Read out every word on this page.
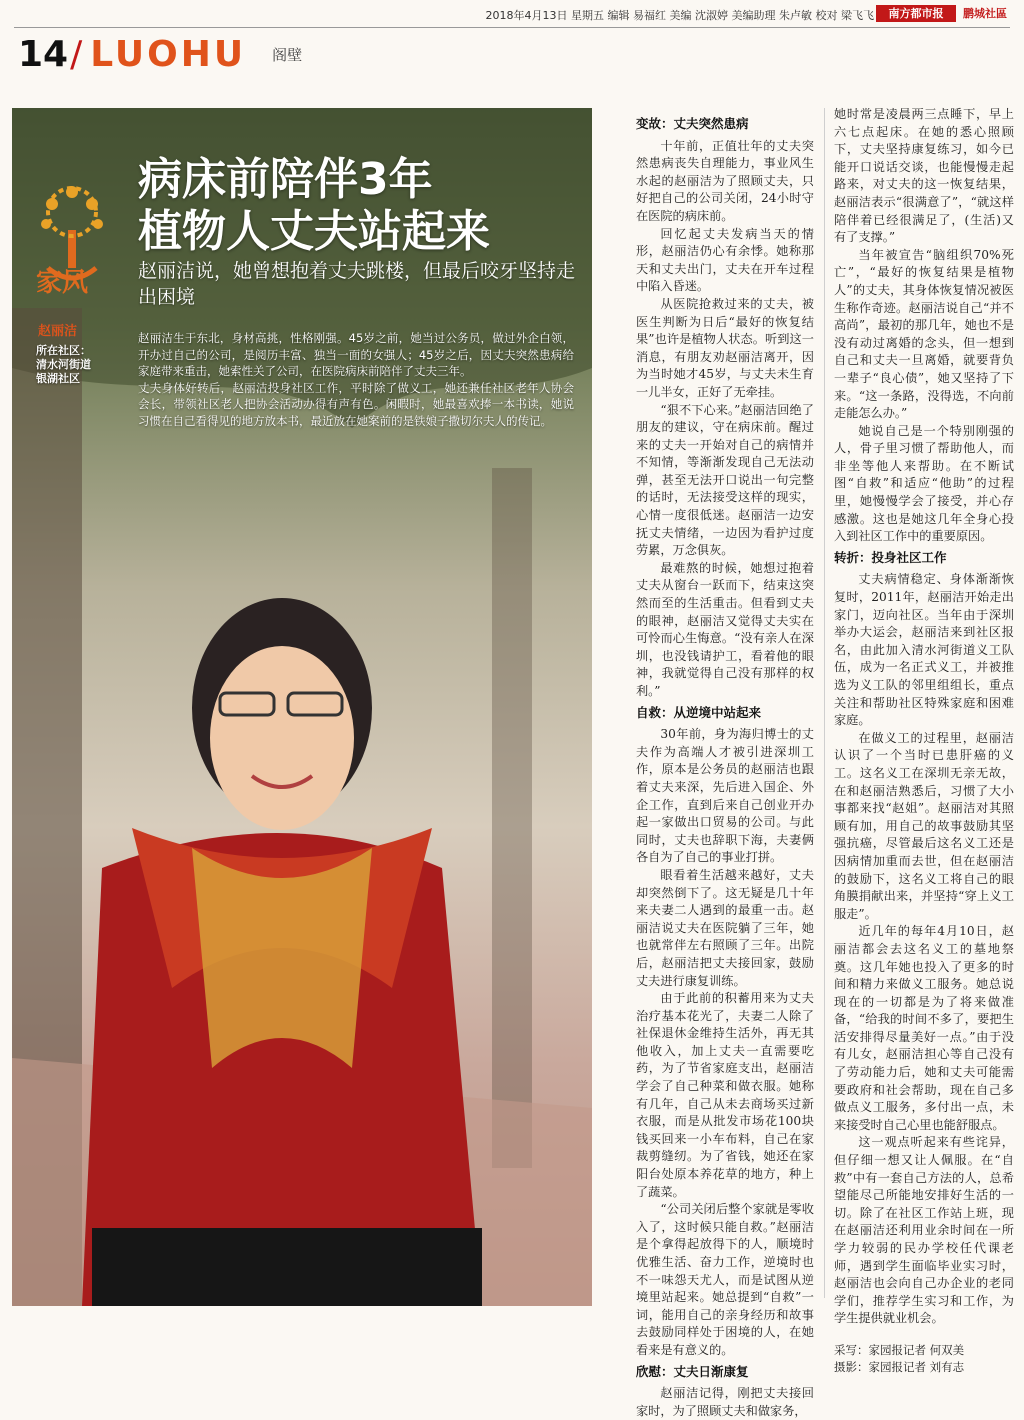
2018年4月13日 星期五 编辑 易福红 美编 沈淑婷 美编助理 朱卢敏 校对 梁飞飞	南方都市报	鹏城社區
14 / LUOHU 阁壁
家风
病床前陪伴3年
植物人丈夫站起来
赵丽洁说，她曾想抱着丈夫跳楼，但最后咬牙坚持走出困境
赵丽洁
所在社区：
清水河街道
银湖社区

赵丽洁生于东北，身材高挑，性格刚强。45岁之前，她当过公务员，做过外企白领，开办过自己的公司，是阅历丰富、独当一面的女强人；45岁之后，因丈夫突然患病给家庭带来重击，她索性关了公司，在医院病床前陪伴了丈夫三年。

丈夫身体好转后，赵丽洁投身社区工作，平时除了做义工，她还兼任社区老年人协会会长，带领社区老人把协会活动办得有声有色。闲暇时，她最喜欢捧一本书读，她说习惯在自己看得见的地方放本书，最近放在她案前的是铁娘子撒切尔夫人的传记。

变故：丈夫突然患病

十年前，正值壮年的丈夫突然患病丧失自理能力，事业风生水起的赵丽洁为了照顾丈夫，只好把自己的公司关闭，24小时守在医院的病床前。

回忆起丈夫发病当天的情形，赵丽洁仍心有余悸。她称那天和丈夫出门，丈夫在开车过程中陷入昏迷。

从医院抢救过来的丈夫，被医生判断为日后“最好的恢复结果”也许是植物人状态。听到这一消息，有朋友劝赵丽洁离开，因为当时她才45岁，与丈夫未生育一儿半女，正好了无牵挂。

“狠不下心来。”赵丽洁回绝了朋友的建议，守在病床前。醒过来的丈夫一开始对自己的病情并不知情，等渐渐发现自己无法动弹，甚至无法开口说出一句完整的话时，无法接受这样的现实，心情一度很低迷。赵丽洁一边安抚丈夫情绪，一边因为看护过度劳累，万念俱灰。

最难熬的时候，她想过抱着丈夫从窗台一跃而下，结束这突然而至的生活重击。但看到丈夫的眼神，赵丽洁又觉得丈夫实在可怜而心生悔意。“没有亲人在深圳，也没钱请护工，看着他的眼神，我就觉得自己没有那样的权利。”

自救：从逆境中站起来

30年前，身为海归博士的丈夫作为高端人才被引进深圳工作，原本是公务员的赵丽洁也跟着丈夫来深，先后进入国企、外企工作，直到后来自己创业开办起一家做出口贸易的公司。与此同时，丈夫也辞职下海，夫妻俩各自为了自己的事业打拼。

眼看着生活越来越好，丈夫却突然倒下了。这无疑是几十年来夫妻二人遇到的最重一击。赵丽洁说丈夫在医院躺了三年，她也就常伴左右照顾了三年。出院后，赵丽洁把丈夫接回家，鼓励丈夫进行康复训练。

由于此前的积蓄用来为丈夫治疗基本花光了，夫妻二人除了社保退休金维持生活外，再无其他收入，加上丈夫一直需要吃药，为了节省家庭支出，赵丽洁学会了自己种菜和做衣服。她称有几年，自己从未去商场买过新衣服，而是从批发市场花100块钱买回来一小车布料，自己在家裁剪缝纫。为了省钱，她还在家阳台处原本养花草的地方，种上了蔬菜。

“公司关闭后整个家就是零收入了，这时候只能自救。”赵丽洁是个拿得起放得下的人，顺境时优雅生活、奋力工作，逆境时也不一味怨天尤人，而是试图从逆境里站起来。她总提到“自救”一词，能用自己的亲身经历和故事去鼓励同样处于困境的人，在她看来是有意义的。

欣慰：丈夫日渐康复

赵丽洁记得，刚把丈夫接回家时，为了照顾丈夫和做家务，

她时常是凌晨两三点睡下，早上六七点起床。在她的悉心照顾下，丈夫坚持康复练习，如今已能开口说话交谈，也能慢慢走起路来，对丈夫的这一恢复结果，赵丽洁表示“很满意了”，“就这样陪伴着已经很满足了，(生活)又有了支撑。”

当年被宣告“脑组织70%死亡”，“最好的恢复结果是植物人”的丈夫，其身体恢复情况被医生称作奇迹。赵丽洁说自己“并不高尚”，最初的那几年，她也不是没有动过离婚的念头，但一想到自己和丈夫一旦离婚，就要背负一辈子“良心债”，她又坚持了下来。“这一条路，没得选，不向前走能怎么办。”

她说自己是一个特别刚强的人，骨子里习惯了帮助他人，而非坐等他人来帮助。在不断试图“自救”和适应“他助”的过程里，她慢慢学会了接受，并心存感激。这也是她这几年全身心投入到社区工作中的重要原因。

转折：投身社区工作

丈夫病情稳定、身体渐渐恢复时，2011年，赵丽洁开始走出家门，迈向社区。当年由于深圳举办大运会，赵丽洁来到社区报名，由此加入清水河街道义工队伍，成为一名正式义工，并被推选为义工队的邻里组组长，重点关注和帮助社区特殊家庭和困难家庭。

在做义工的过程里，赵丽洁认识了一个当时已患肝癌的义工。这名义工在深圳无亲无故，在和赵丽洁熟悉后，习惯了大小事都来找“赵姐”。赵丽洁对其照顾有加，用自己的故事鼓励其坚强抗癌，尽管最后这名义工还是因病情加重而去世，但在赵丽洁的鼓励下，这名义工将自己的眼角膜捐献出来，并坚持“穿上义工服走”。

近几年的每年4月10日，赵丽洁都会去这名义工的墓地祭奠。这几年她也投入了更多的时间和精力来做义工服务。她总说现在的一切都是为了将来做准备，“给我的时间不多了，要把生活安排得尽量美好一点。”由于没有儿女，赵丽洁担心等自己没有了劳动能力后，她和丈夫可能需要政府和社会帮助，现在自己多做点义工服务，多付出一点，未来接受时自己心里也能舒服点。

这一观点听起来有些诧异，但仔细一想又让人佩服。在“自救”中有一套自己方法的人，总希望能尽己所能地安排好生活的一切。除了在社区工作站上班，现在赵丽洁还利用业余时间在一所学力较弱的民办学校任代课老师，遇到学生面临毕业实习时，赵丽洁也会向自己办企业的老同学们，推荐学生实习和工作，为学生提供就业机会。

采写：家园报记者 何双美
摄影：家园报记者 刘有志
